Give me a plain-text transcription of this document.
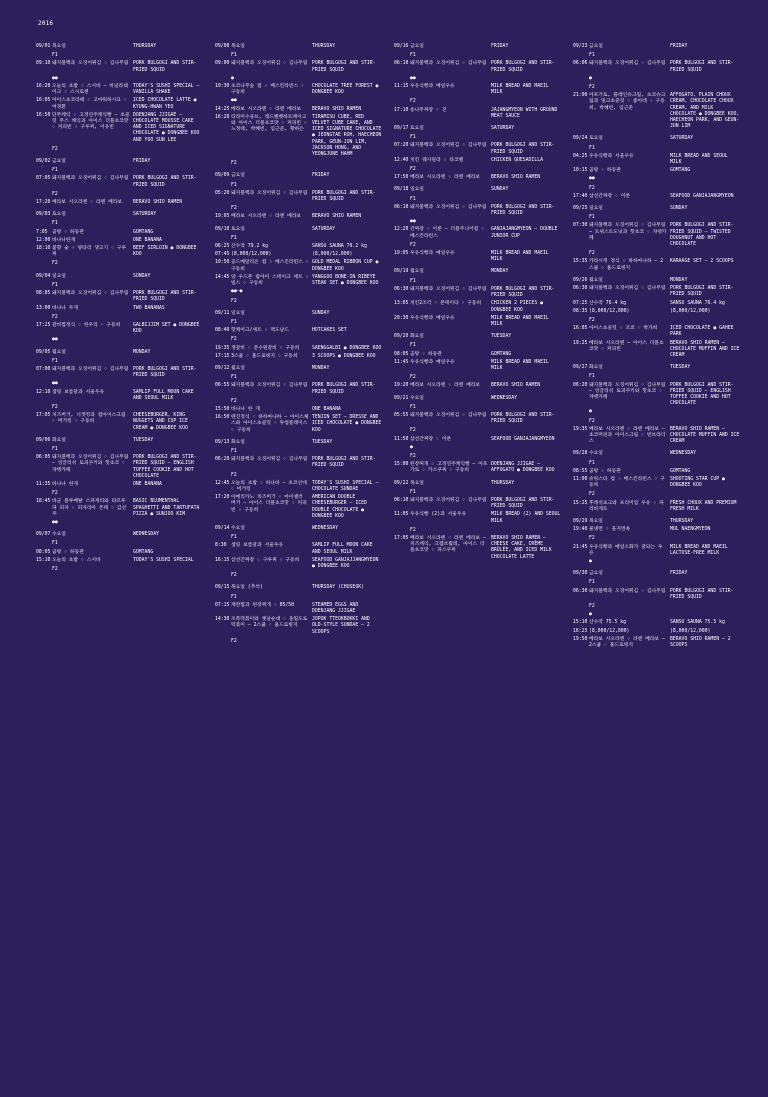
2016
09/01 목요일	THURSDAY
F1
09:10 돼지볼백과 오징어튀김 ♢ 김나무림 PORK BULGOGI AND STIR-FRIED SQUID
●●
16:20 오늘의 초밥 ♢ 스시바 – 바닐라쉐이크 ♢ 스시로젠
TODAY'S SUSHI SPECIAL – VANILLA SHAKE
16:05 아이스초코라떼 ♢ 고마워하시묘 ♢ 여경환
ICED CHOCOLATE LATTE ● KYUNG-HWAN YEO
16:50 단무케익 ♢ 고정연주케익빵 – 초콜릿 무스 케익과 아이스 더블초코맛 ♢ 커피빈 ♢ 구루찌, 이유빈
DOENJANG JJIGAE – CHOCOLATE MOUSSE CAKE AND ICED SIGNATURE CHOCOLATE ● DONGBEE KOO AND YOO SUN LEE
F2
09/02 금요일	FRIDAY
F1
07:05 돼지볼백과 오징어튀김 ♢ 김나무림 PORK BULGOGI AND STIR-FRIED SQUID
F2
17:20 베라보 시오라멘 ♢ 라멘 베라보	BERAVO SHIO RAMEN
09/03 토요일	SATURDAY
F1
7:05 곰탕 ♢ 하동관	GOMTANG
12:00 바나나한개	ONE BANANA
18:10 불향 숯 ♢ 양타리 생고기 ♢ 구루찌
BEEF SIRLOIN ● DONGBEE KOO
F2
09/04 일요일	SUNDAY
F1
08:05 돼지볼백과 오징어튀김 ♢ 김나무림 PORK BULGOGI AND STIR-FRIED SQUID
13:00 바나나 두개	TWO BANANAS
F2
17:25 갈비찜정식 ♢ 한우리 ♢ 구동희	GALBIJJIM SET ● DONGBEE KOO
●●
09/05 월요일	MONDAY
F1
07:00 돼지볼백과 오징어튀김 ♢ 김나무림 PORK BULGOGI AND STIR-FRIED SQUID
●●
12:10 샘링 보름달과 서울우유	SAMLIP FULL MOON CAKE AND SEOUL MILK
F2
17:05 치즈버거, 너겟킹과 컵아이스크림 ♢ 버거킹 ♢ 구동희
CHEESEBURGER, KING NUGGETS AND CUP ICE CREAM ● DONGBEE KOO
09/06 화요일	TUESDAY
F1
06:05 돼지볼백과 오징어튀김 ♢ 김나무림 – 잉글리쉬 토피쿠키와 핫초코 ♢ 쟈뎅카페
PORK BULGOGI AND STIR-FRIED SQUID – ENGLISH TOFFEE COOKIE AND HOT CHOCOLATE
11:35 바나나 한개	ONE BANANA
F2
18:45 바군 볼루메탈 스파게티와 타르투파 피자 ♢ 피자리아 몬테 ♢ 김선주
BASIC BLUMENTHAL SPAGHETTI AND TARTUFATA PIZZA ● SUNJOO KIM
●●
09/07 수요일	WEDNESDAY
F1
08:05 곰탕 ♢ 하동관	GOMTANG
15:10 오늘의 초밥 ♢ 스시바	TODAY'S SUSHI SPECIAL
F2
09/08 목요일	THURSDAY
F1
09:00 돼지볼백과 오징어튀김 ♢ 김나무림 PORK BULGOGI AND STIR-FRIED SQUID
●
10:30 초코나무숲 컵 ♢ 베스킨라빈스 ♢ 구동희
CHOCOLATE TREE FOREST ● DONGBEE KOO
●●
14:25 베라보 시오라멘 ♢ 라멘 베라보	BERAVO SHIO RAMEN
16:20 티라미수큐브, 레드벨벳하트케이크와 아이스 더블초코맛 ♢ 커피빈 ♢ 노정태, 박혜빈, 임근준, 황하은
TIRAMISU CUBE, RED VELVET CUBE CAKE, AND ICED SIGNATURE CHOCOLATE ● JEONGTAE ROH, HAECHEON PARK, GEUN-JUN LIM, JACKSON HONG, AND YEONGJUNE HAHM
F2
09/09 금요일	FRIDAY
F1
05:20 돼지볼백과 오징어튀김 ♢ 김나무림 PORK BULGOGI AND STIR-FRIED SQUID
F2
19:05 베라보 시오라멘 ♢ 라멘 베라보	BERAVO SHIO RAMEN
09/10 토요일	SATURDAY
F1
06:25 산수작 79.2 kg	SANSU SAUNA 79.2 kg
07:45 (8,000/12,000)	(8,000/12,000)
10:50 골드메달리온 컵 ♢ 베스킨라빈스 ♢ 구동희
GOLD MEDAL RIBBON CUP ● DONGBEE KOO
14:45 양 우드본 립아이 스테이크 세트 ♢ 빕스 ♢ 구동희
YANGGOO BONE-IN RIBEYE STEAK SET ● DONGBEE KOO
●●—●
F2
09/11 일요일	SUNDAY
F1
08:40 핫케이크/세트 ♢ 맥도날드	HOTCAKES SET
F2
19:35 생갈비 ♢ 문수원갈비 ♢ 구동희	SAENGGALBI ● DONGBEE KOO
17:15 3스쿱 ♢ 홈드로빙지 ♢ 구동희	3 SCOOPS ● DONGBEE KOO
09/12 월요일	MONDAY
F1
06:55 돼지볼백과 오징어튀김 ♢ 김나무림 PORK BULGOGI AND STIR-FRIED SQUID
F2
15:50 바나나 한 개	ONE BANANA
16:50 텐진정식 ♢ 하하마나하 – 아이스체스와 아이스초콜릿 ♢ 투썸플레이스 ♢ 구동희
TENJIN SET – DRESSE AND ICED CHOCOLATE ● DONGBEE KOO
09/13 화요일	TUESDAY
F1
06:20 돼지볼백과 오징어튀김 ♢ 김나무림 PORK BULGOGI AND STIR-FRIED SQUID
F2
12:45 오늘의 초밥 ♢ 하나바 – 초코선데 ♢ 버거킹
TODAY'S SUSHI SPECIAL – CHOCOLATE SUNDAE
17:20 아메리카노 치즈버거 ♢ 마이셀러 버거 – 아이스 더블초코맛 ♢ 커피빈 ♢ 구동희
AMERICAN DOUBLE CHEESEBURGER – ICED DOUBLE CHOCOLATE ● DONGBEE KOO
09/14 수요일	WEDNESDAY
F1
8:30 샘링 보름달과 서울우유	SAMLIP FULL MOON CAKE AND SEOUL MILK
16:15 삼선간짜장 ♢ 구루찌 ♢ 구동희	SEAFOOD GANJAJJANGMYEON ● DONGBEE KOO
F2
09/15 목요일 (추석)	THURSDAY (CHUSEOK)
F1
07:15 계란찜과 된장찌개 ♢ 05/50	STEAMED EGGS AND DOENJANG JJIGAE
14:30 조폭떡볶이와 옛날순대 ♢ 올림도토떡볶이 – 2스쿱 ♢ 홈드로빙지
JOPOK TTEOKBOKKI AND OLD-STYLE SUNDAE – 2 SCOOPS
F2
09/16 금요일	FRIDAY
F1
06:10 돼지볼백과 오징어튀김 ♢ 김나무림 PORK BULGOGI AND STIR-FRIED SQUID
●●
11:15 우유식빵과 매일우유	MILK BREAD AND MAEIL MILK
F2
17:10 송나무짜장 ♢ 진	JAJANGMYEON WITH GROUND MEAT SAUCE
09/17 토요일	SATURDAY
F1
07:20 돼지볼백과 오징어튀김 ♢ 김나무림 PORK BULGOGI AND STIR-FRIED SQUID
12:40 치킨 퀘사딜라 ♢ 타코벨	CHICKEN QUESADILLA
F2
17:50 베라보 시오라멘 ♢ 라멘 베라보	BERAVO SHIO RAMEN
09/18 일요일	SUNDAY
F1
06:10 돼지볼백과 오징어튀김 ♢ 김나무림 PORK BULGOGI AND STIR-FRIED SQUID
●●
12:20 간짜장 ♢ 이룬 – 더블주니어컵 ♢ 베스킨라빈스
GANJAJANGMYEON – DOUBLE JUNIOR CUP
F2
19:05 우유식빵과 매일우유	MILK BREAD AND MAEIL MILK
09/19 월요일	MONDAY
F1
06:30 돼지볼백과 오징어튀김 ♢ 김나무림 PORK BULGOGI AND STIR-FRIED SQUID
13:05 치킨2조각 ♢ 본테이타 ♢ 구동희	CHICKEN 2 PIECES ● DONGBEE KOO
20:30 우유식빵과 매일우유	MILK BREAD AND MAEIL MILK
09/20 화요일	TUESDAY
F1
08:05 곰탕 ♢ 하동관	GOMTANG
11:45 우유식빵과 매일우유	MILK BREAD AND MAEIL MILK
F2
19:20 베라보 시오라멘 ♢ 라멘 베라보	BERAVO SHIO RAMEN
09/21 수요일	WEDNESDAY
F1
05:55 돼지볼백과 오징어튀김 ♢ 김나무림 PORK BULGOGI AND STIR-FRIED SQUID
F2
11:50 삼선간짜장 ♢ 이룬	SEAFOOD GANJAJANGMYEON
●
F2
15:00 된장찌개 ♢ 고정연주케익빵 – 아포가토 ♢ 카스쿠찌 ♢ 구동희
DOENJANG JJIGAE – AFFOGATO ● DONGBEE KOO
09/22 목요일	THURSDAY
F1
06:10 돼지볼백과 오징어튀김 ♢ 김나무림 PORK BULGOGI AND STIR-FRIED SQUID
11:05 우유식빵 (2)과 서울우유	MILK BREAD (2) AND SEOUL MILK
F2
17:05 베라보 시오라멘 ♢ 라멘 베라보 – 치즈케익, 크렘브륄레, 아이스 더블초코맛 ♢ 파스쿠찌
BERAVO SHIO RAMEN – CHEESE CAKE, CRÈME BRÛLÉE, AND ICED MILK CHOCOLATE LATTE
09/23 금요일	FRIDAY
F1
06:06 돼지볼백과 오징어튀김 ♢ 김나무림 PORK BULGOGI AND STIR-FRIED SQUID
●
F2
21:00 아포가토, 플레인슈크림, 초코슈크림과 밀크초콜릿 ♢ 좋아레 ♢ 구동희, 박혜빈, 임근준
AFFOGATO, PLAIN CHOUX CREAM, CHOCOLATE CHOUX CREAM, AND MILK CHOCOLATE ● DONGBEE KOO, HAECHEON PARK, AND GEUN-JUN LIM
09/24 토요일	SATURDAY
F1
04:25 우유식빵과 서울우유	MILK BREAD AND SEOUL MILK
10:15 곰탕 ♢ 하동관	GOMTANG
●●
F2
17:40 삼선간짜장 ♢ 이룬	SEAFOOD GANJAJANGMYEON
09/25 일요일	SUNDAY
F1
07:30 돼지볼백과 오징어튀김 ♢ 김나무림 – 트위스트도넛과 핫초코 ♢ 쟈뎅카페
PORK BULGOGI AND STIR-FRIED SQUID – TWISTED DOUGHNUT AND HOT CHOCOLATE
F2
15:35 카라시게 정식 ♢ 하하마나하 – 2스쿱 ♢ 홈드로빙지
KARAAGE SET – 2 SCOOPS
09/26 월요일	MONDAY
06:30 돼지볼백과 오징어튀김 ♢ 김나무림 PORK BULGOGI AND STIR-FRIED SQUID
07:25 산수작 76.4 kg	SANSU SAUNA 76.4 kg
08:35 (8,000/12,000)	(8,000/12,000)
F2
16:05 아이스초콜릿 ♢ 조쿄 ♢ 박가희	ICED CHOCOLATE ● GAHEE PARK
19:25 베라보 시오라멘 – 아이스 더블초코맛 ♢ 커피빈
BERAVO SHIO RAMEN – CHOCOLATE MUFFIN AND ICE CREAM
09/27 화요일	TUESDAY
F1
06:20 돼지볼백과 오징어튀김 ♢ 김나무림 – 잉글리쉬 토피쿠키와 핫초코 ♢ 쟈뎅카페
PORK BULGOGI AND STIR-FRIED SQUID – ENGLISH TOFFEE COOKIE AND HOT CHOCOLATE
●
F2
19:35 베라보 시오라멘 ♢ 라멘 베라보 – 초코머핀과 아이스크림 ♢ 빈브라더스
BERAVO SHIO RAMEN – CHOCOLATE MUFFIN AND ICE CREAM
09/28 수요일	WEDNESDAY
F1
08:55 곰탕 ♢ 하동관	GOMTANG
11:00 슈팅스타 컵 ♢ 베스킨라빈스 ♢ 구동희
SHOOTING STAR CUP ● DONGBEE KOO
F2
15:25 후레쉬쵸크와 프리미엄 우유 ♢ 파리바게트
FRESH CHOUX AND PREMIUM FRESH MILK
09/29 목요일	THURSDAY
19:40 물냉면 ♢ 을지면옥	MUL NAENGMYEON
F2
21:45 우유식빵과 매일소화가 잘되는 우유
MILK BREAD AND MAEIL LACTOSE-FREE MILK
●
09/30 금요일	FRIDAY
F1
06:30 돼지볼백과 오징어튀김 ♢ 김나무림 PORK BULGOGI AND STIR-FRIED SQUID
F2
●
15:10 산수작 75.5 kg	SANSU SAUNA 75.5 kg
16:25 (8,000/12,000)	(8,000/12,000)
19:50 베라보 시오라멘 ♢ 라멘 베라보 – 2스쿱 ♢ 홈드로빙지
BERAVO SHIO RAMEN – 2 SCOOPS
